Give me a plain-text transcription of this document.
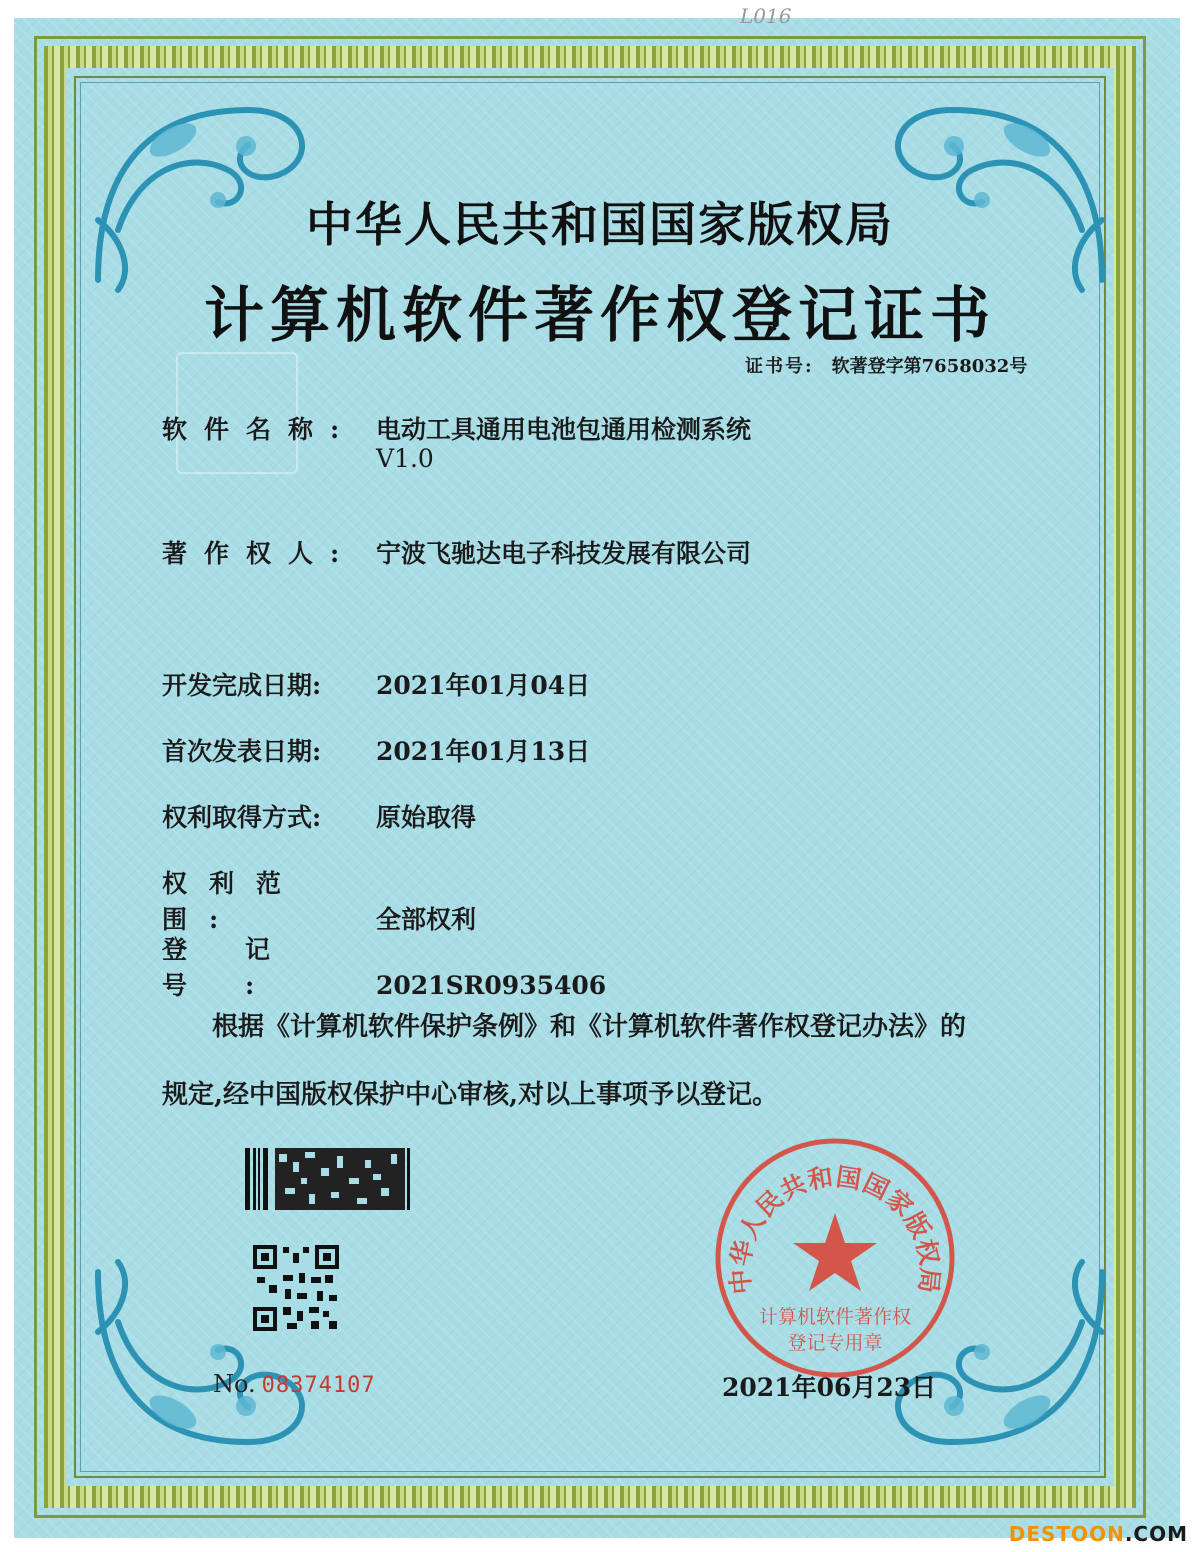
L016
中华人民共和国国家版权局
计算机软件著作权登记证书
证书号: 软著登字第7658032号
软件名称: 电动工具通用电池包通用检测系统
V1.0
著作权人: 宁波飞驰达电子科技发展有限公司
开发完成日期: 2021年01月04日
首次发表日期: 2021年01月13日
权利取得方式: 原始取得
权利范围:	全部权利
登记号:	2021SR0935406
根据《计算机软件保护条例》和《计算机软件著作权登记办法》的
规定,经中国版权保护中心审核,对以上事项予以登记。
No. 08374107	2021年06月23日
中华人民共和国国家版权局
计算机软件著作权
登记专用章
DESTOON.COM
